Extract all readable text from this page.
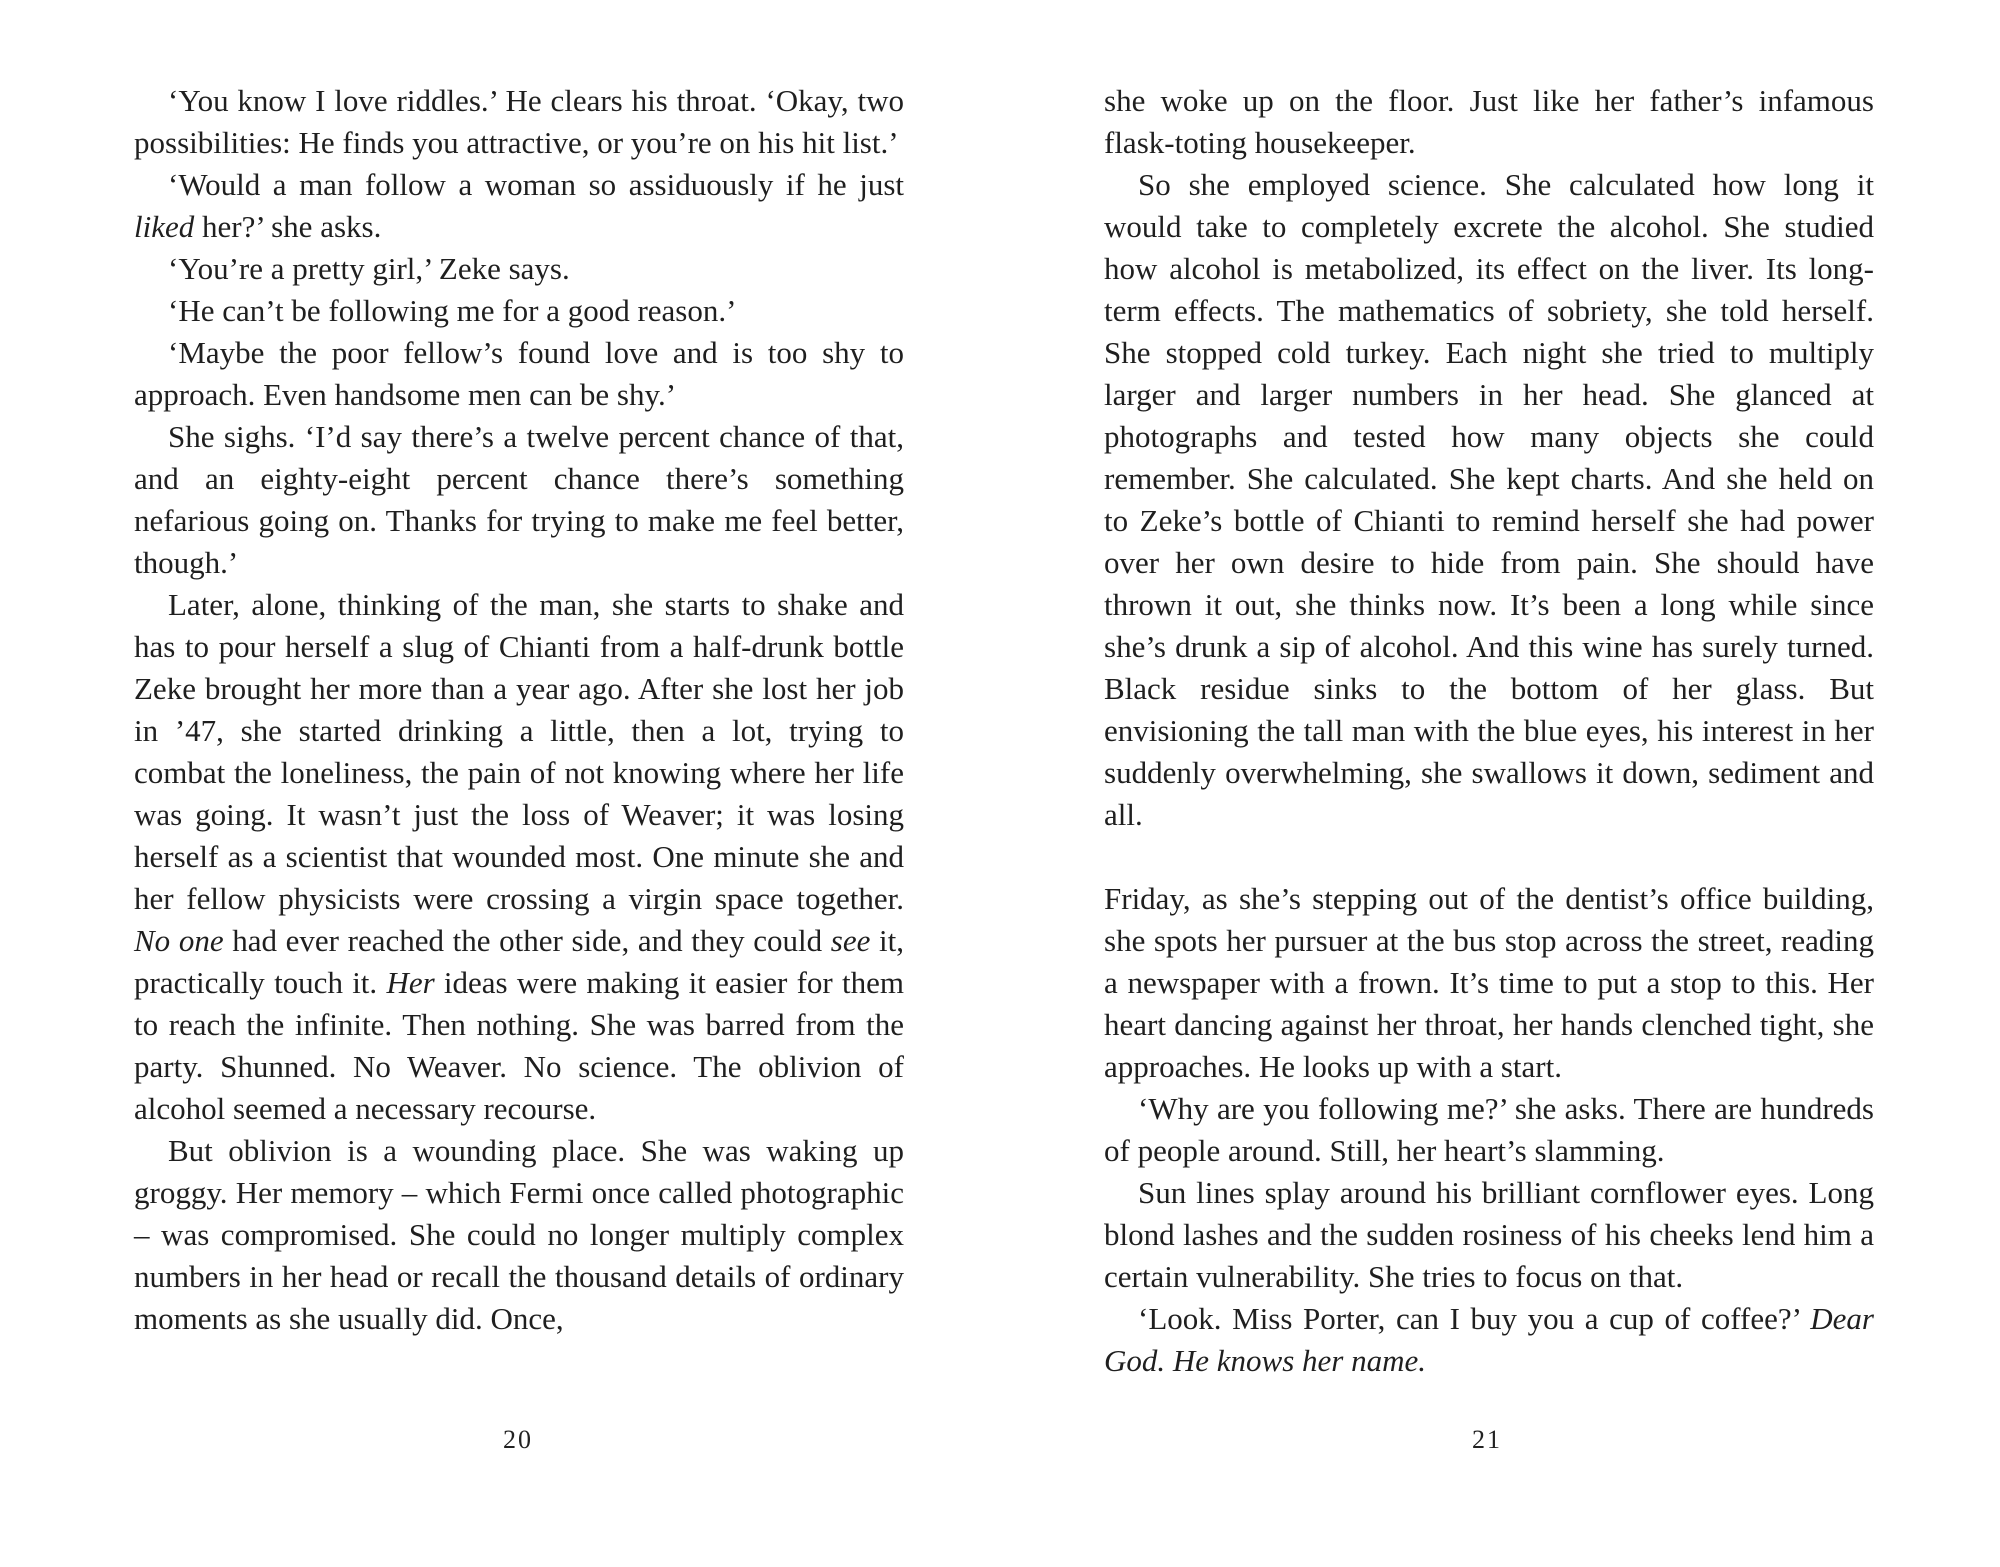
‘You know I love riddles.’ He clears his throat. ‘Okay, two possibilities: He finds you attractive, or you’re on his hit list.’

‘Would a man follow a woman so assiduously if he just liked her?’ she asks.

‘You’re a pretty girl,’ Zeke says.

‘He can’t be following me for a good reason.’

‘Maybe the poor fellow’s found love and is too shy to approach. Even handsome men can be shy.’

She sighs. ‘I’d say there’s a twelve percent chance of that, and an eighty-eight percent chance there’s something nefarious going on. Thanks for trying to make me feel better, though.’

Later, alone, thinking of the man, she starts to shake and has to pour herself a slug of Chianti from a half-drunk bottle Zeke brought her more than a year ago. After she lost her job in ’47, she started drinking a little, then a lot, trying to combat the loneliness, the pain of not knowing where her life was going. It wasn’t just the loss of Weaver; it was losing herself as a scientist that wounded most. One minute she and her fellow physicists were crossing a virgin space together. No one had ever reached the other side, and they could see it, practically touch it. Her ideas were making it easier for them to reach the infinite. Then nothing. She was barred from the party. Shunned. No Weaver. No science. The oblivion of alcohol seemed a necessary recourse.

But oblivion is a wounding place. She was waking up groggy. Her memory – which Fermi once called photographic – was compromised. She could no longer multiply complex numbers in her head or recall the thousand details of ordinary moments as she usually did. Once,

20

she woke up on the floor. Just like her father’s infamous flask-toting housekeeper.

So she employed science. She calculated how long it would take to completely excrete the alcohol. She studied how alcohol is metabolized, its effect on the liver. Its long-term effects. The mathematics of sobriety, she told herself. She stopped cold turkey. Each night she tried to multiply larger and larger numbers in her head. She glanced at photographs and tested how many objects she could remember. She calculated. She kept charts. And she held on to Zeke’s bottle of Chianti to remind herself she had power over her own desire to hide from pain. She should have thrown it out, she thinks now. It’s been a long while since she’s drunk a sip of alcohol. And this wine has surely turned. Black residue sinks to the bottom of her glass. But envisioning the tall man with the blue eyes, his interest in her suddenly overwhelming, she swallows it down, sediment and all.

Friday, as she’s stepping out of the dentist’s office building, she spots her pursuer at the bus stop across the street, reading a newspaper with a frown. It’s time to put a stop to this. Her heart dancing against her throat, her hands clenched tight, she approaches. He looks up with a start.

‘Why are you following me?’ she asks. There are hundreds of people around. Still, her heart’s slamming.

Sun lines splay around his brilliant cornflower eyes. Long blond lashes and the sudden rosiness of his cheeks lend him a certain vulnerability. She tries to focus on that.

‘Look. Miss Porter, can I buy you a cup of coffee?’ Dear God. He knows her name.

21
